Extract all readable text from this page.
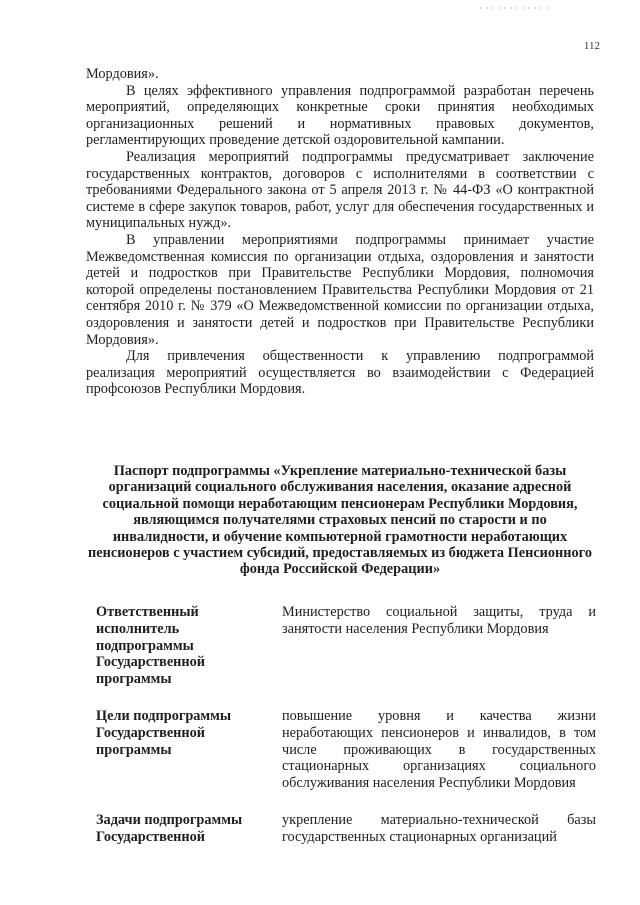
112

Мордовия».

В целях эффективного управления подпрограммой разработан перечень мероприятий, определяющих конкретные сроки принятия необходимых организационных решений и нормативных правовых документов, регламентирующих проведение детской оздоровительной кампании.

Реализация мероприятий подпрограммы предусматривает заключение государственных контрактов, договоров с исполнителями в соответствии с требованиями Федерального закона от 5 апреля 2013 г. № 44-ФЗ «О контрактной системе в сфере закупок товаров, работ, услуг для обеспечения государственных и муниципальных нужд».

В управлении мероприятиями подпрограммы принимает участие Межведомственная комиссия по организации отдыха, оздоровления и занятости детей и подростков при Правительстве Республики Мордовия, полномочия которой определены постановлением Правительства Республики Мордовия от 21 сентября 2010 г. № 379 «О Межведомственной комиссии по организации отдыха, оздоровления и занятости детей и подростков при Правительстве Республики Мордовия».

Для привлечения общественности к управлению подпрограммой реализация мероприятий осуществляется во взаимодействии с Федерацией профсоюзов Республики Мордовия.

Паспорт подпрограммы «Укрепление материально-технической базы организаций социального обслуживания населения, оказание адресной социальной помощи неработающим пенсионерам Республики Мордовия, являющимся получателями страховых пенсий по старости и по инвалидности, и обучение компьютерной грамотности неработающих пенсионеров с участием субсидий, предоставляемых из бюджета Пенсионного фонда Российской Федерации»
Ответственный исполнитель подпрограммы Государственной программы	Министерство социальной защиты, труда и занятости населения Республики Мордовия

Цели подпрограммы Государственной программы	повышение уровня и качества жизни неработающих пенсионеров и инвалидов, в том числе проживающих в государственных стационарных организациях социального обслуживания населения Республики Мордовия

Задачи подпрограммы Государственной	укрепление материально-технической базы государственных стационарных организаций
